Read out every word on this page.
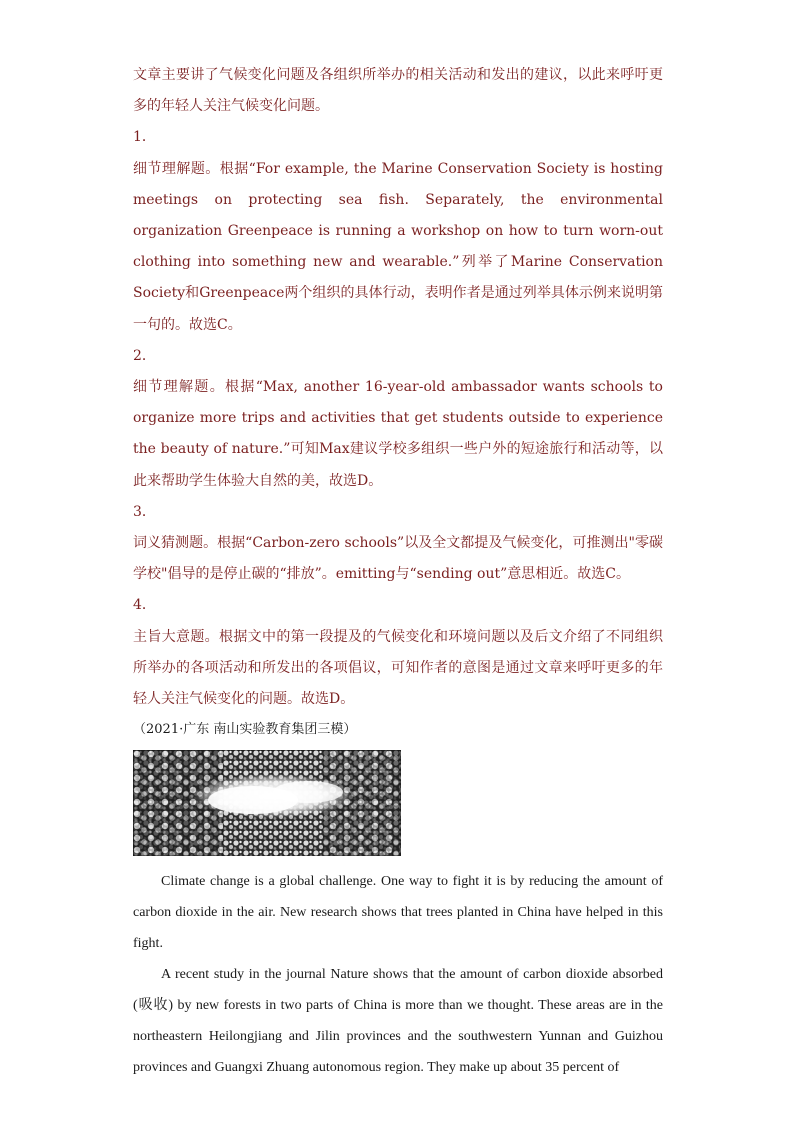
文章主要讲了气候变化问题及各组织所举办的相关活动和发出的建议，以此来呼吁更多的年轻人关注气候变化问题。
1．
细节理解题。根据“For example, the Marine Conservation Society is hosting meetings on protecting sea fish. Separately, the environmental organization Greenpeace is running a workshop on how to turn worn-out clothing into something new and wearable.”列举了Marine Conservation Society和Greenpeace两个组织的具体行动，表明作者是通过列举具体示例来说明第一句的。故选C。
2．
细节理解题。根据“Max, another 16-year-old ambassador wants schools to organize more trips and activities that get students outside to experience the beauty of nature.”可知Max建议学校多组织一些户外的短途旅行和活动等，以此来帮助学生体验大自然的美，故选D。
3．
词义猜测题。根据“Carbon-zero schools”以及全文都提及气候变化，可推测出"零碳学校"倡导的是停止碳的“排放”。emitting与“sending out”意思相近。故选C。
4．
主旨大意题。根据文中的第一段提及的气候变化和环境问题以及后文介绍了不同组织所举办的各项活动和所发出的各项倡议，可知作者的意图是通过文章来呼吁更多的年轻人关注气候变化的问题。故选D。
（2021·广东 南山实验教育集团三模）
Climate change is a global challenge. One way to fight it is by reducing the amount of carbon dioxide in the air. New research shows that trees planted in China have helped in this fight.
A recent study in the journal Nature shows that the amount of carbon dioxide absorbed (吸收) by new forests in two parts of China is more than we thought. These areas are in the northeastern Heilongjiang and Jilin provinces and the southwestern Yunnan and Guizhou provinces and Guangxi Zhuang autonomous region. They make up about 35 percent of
